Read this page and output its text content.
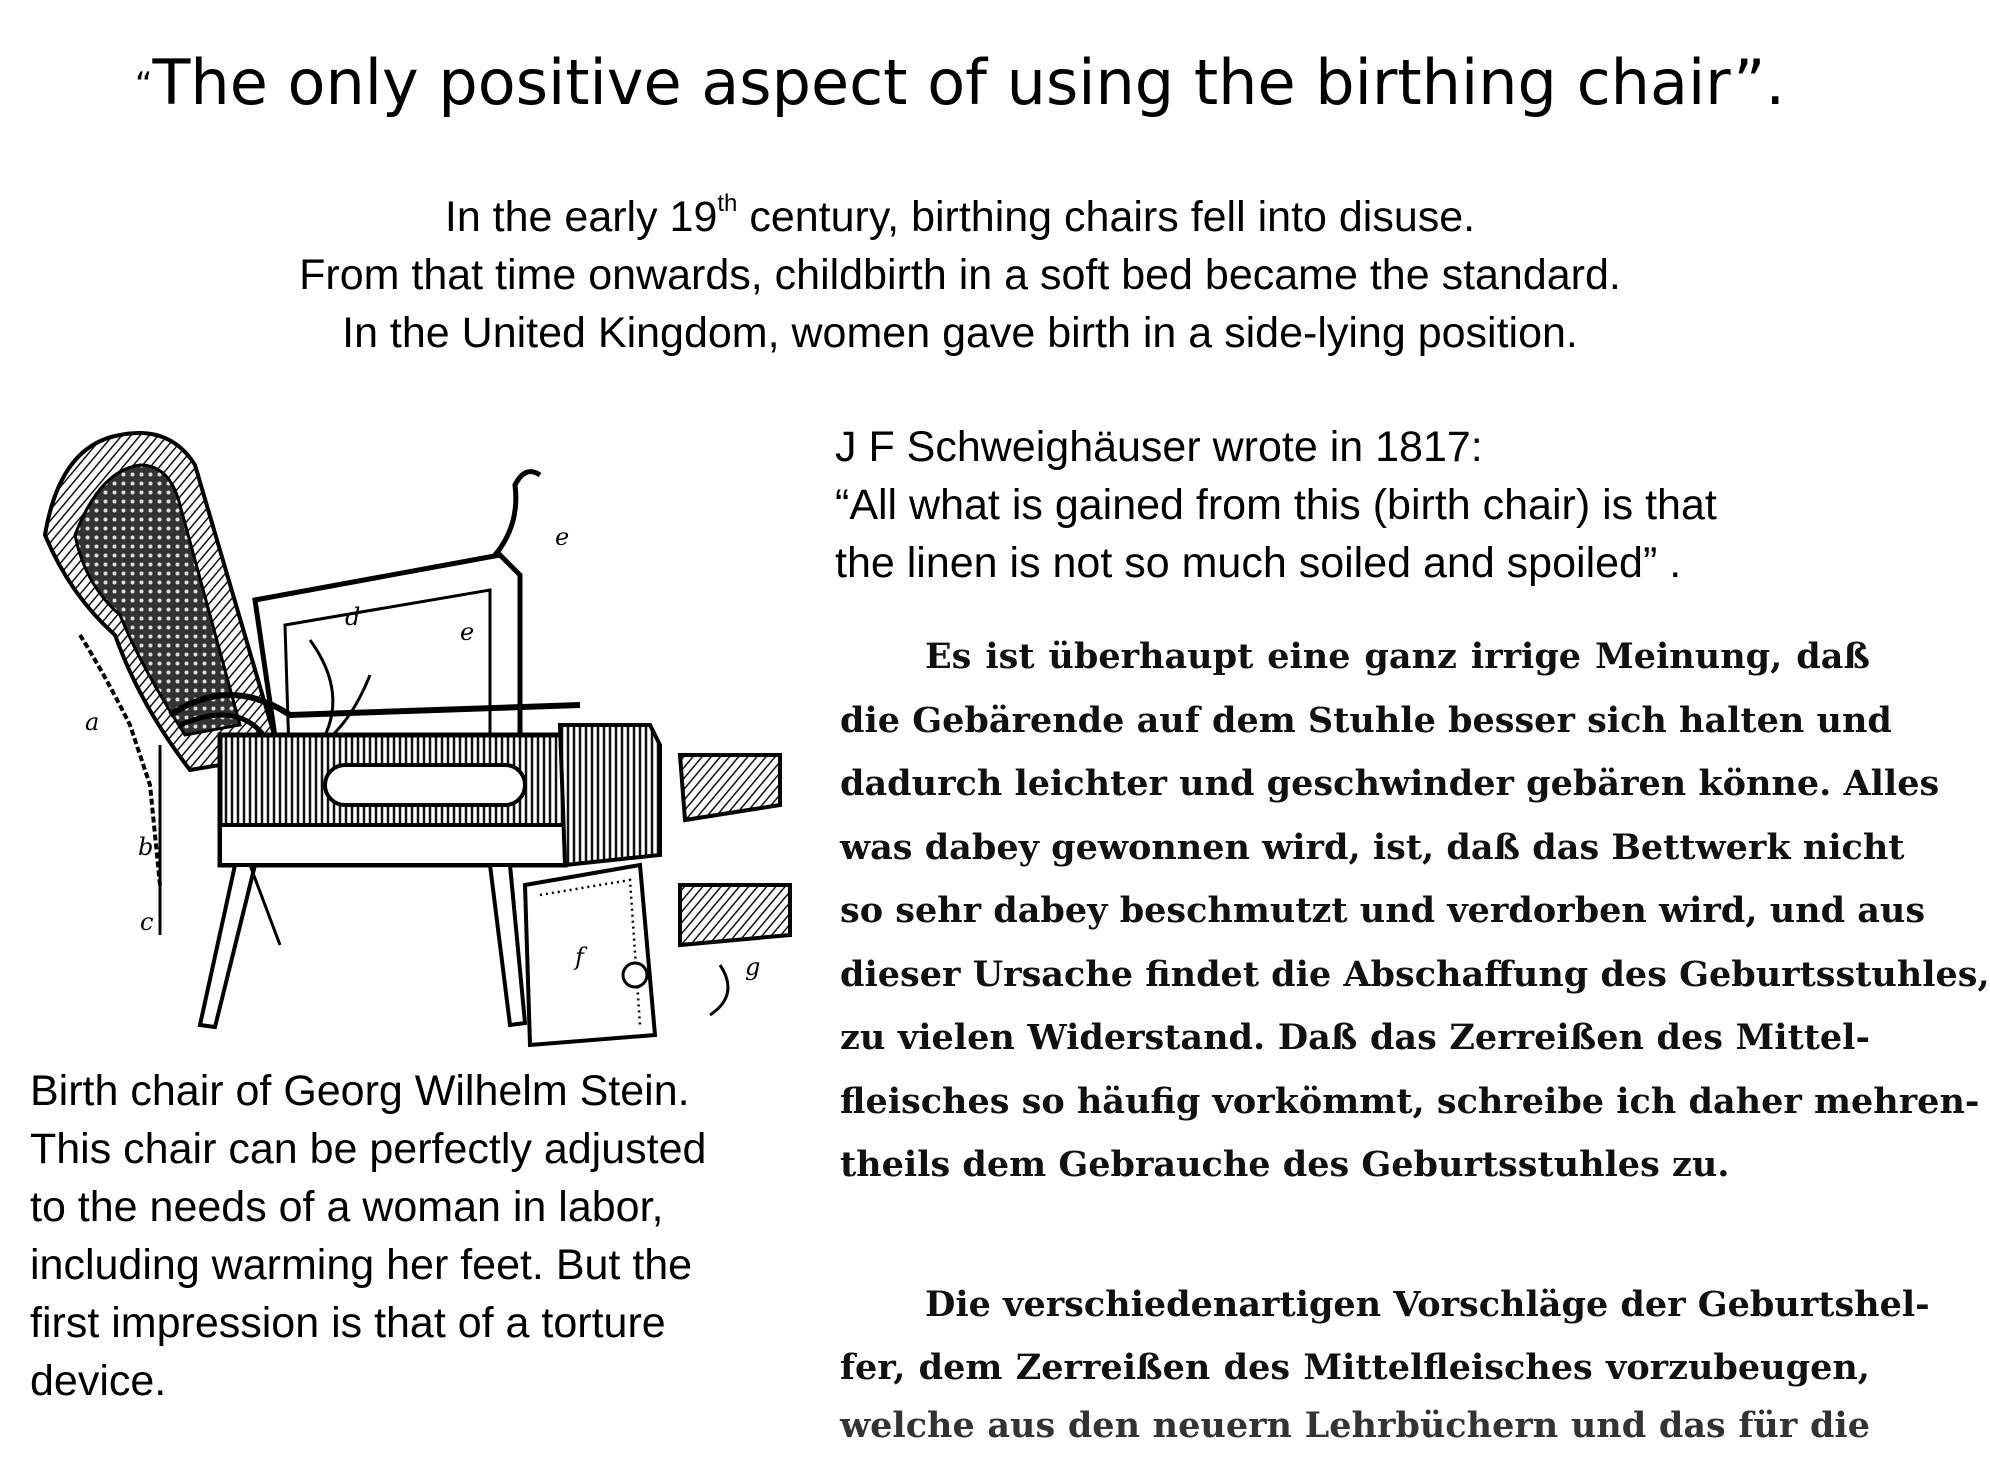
“The only positive aspect of using the birthing chair”.
In the early 19th century, birthing chairs fell into disuse.
From that time onwards, childbirth in a soft bed became the standard.
In the United Kingdom, women gave birth in a side-lying position.
a
b
c
d
e
e
f	g
Birth chair of Georg Wilhelm Stein.
This chair can be perfectly adjusted
to the needs of a woman in labor,
including warming her feet. But the
first impression is that of a torture
device.
J F Schweighäuser wrote in 1817:
“All what is gained from this (birth chair) is that
the linen is not so much soiled and spoiled” .
Es ist überhaupt eine ganz irrige Meinung, daß
die Gebärende auf dem Stuhle besser sich halten und
dadurch leichter und geschwinder gebären könne. Alles
was dabey gewonnen wird, ist, daß das Bettwerk nicht
so sehr dabey beschmutzt und verdorben wird, und aus
dieser Ursache findet die Abschaffung des Geburtsstuhles,
zu vielen Widerstand. Daß das Zerreißen des Mittel-
fleisches so häufig vorkömmt, schreibe ich daher mehren-
theils dem Gebrauche des Geburtsstuhles zu.
Die verschiedenartigen Vorschläge der Geburtshel-
fer, dem Zerreißen des Mittelfleisches vorzubeugen,
welche aus den neuern Lehrbüchern und das für die
